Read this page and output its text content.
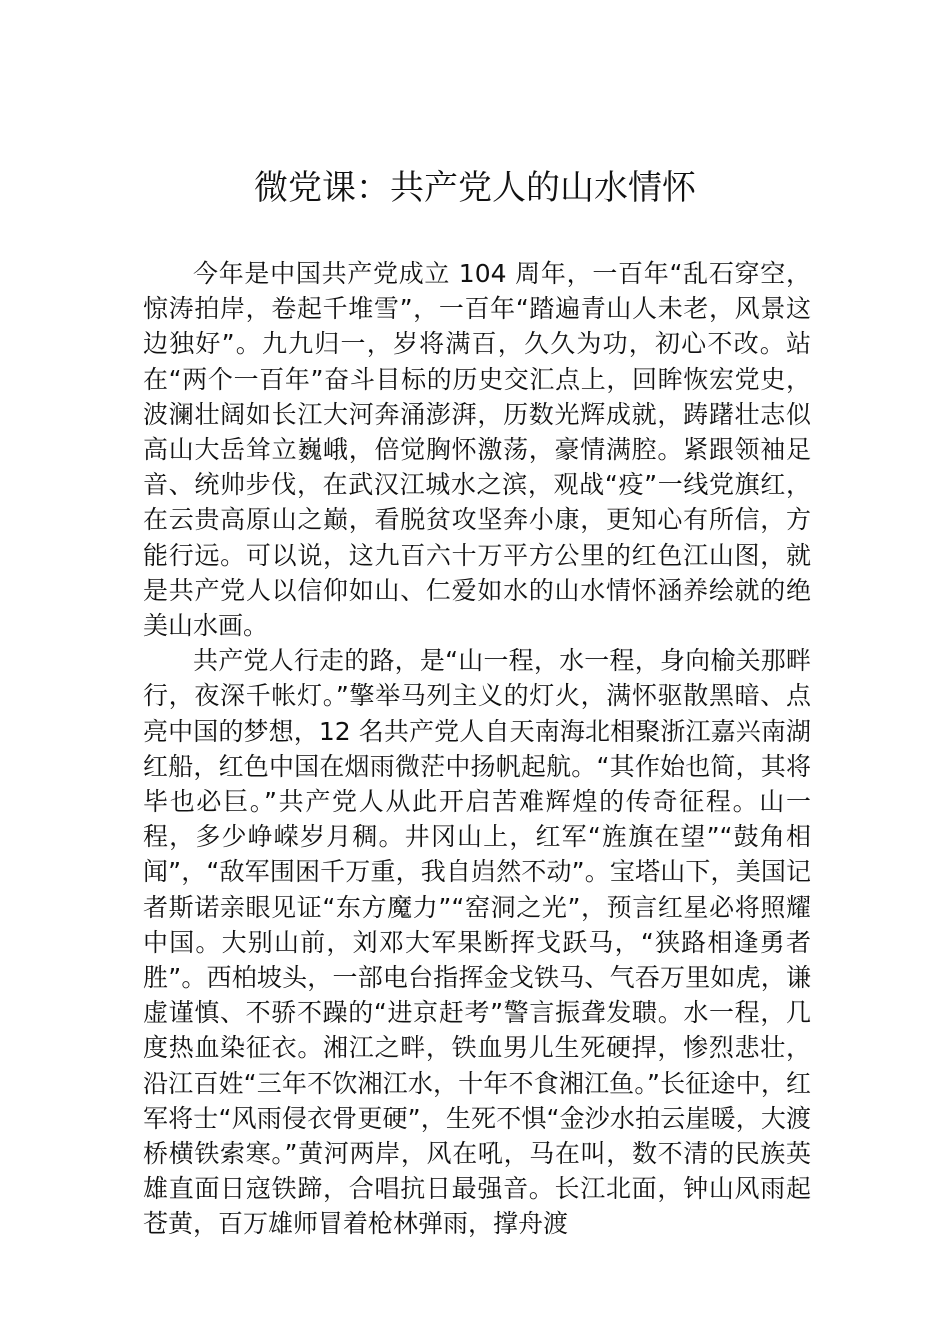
微党课：共产党人的山水情怀

今年是中国共产党成立 104 周年，一百年“乱石穿空，惊涛拍岸，卷起千堆雪”，一百年“踏遍青山人未老，风景这边独好”。九九归一，岁将满百，久久为功，初心不改。站在“两个一百年”奋斗目标的历史交汇点上，回眸恢宏党史，波澜壮阔如长江大河奔涌澎湃，历数光辉成就，踌躇壮志似高山大岳耸立巍峨，倍觉胸怀激荡，豪情满腔。紧跟领袖足音、统帅步伐，在武汉江城水之滨，观战“疫”一线党旗红，在云贵高原山之巅，看脱贫攻坚奔小康，更知心有所信，方能行远。可以说，这九百六十万平方公里的红色江山图，就是共产党人以信仰如山、仁爱如水的山水情怀涵养绘就的绝美山水画。

共产党人行走的路，是“山一程，水一程，身向榆关那畔行，夜深千帐灯。”擎举马列主义的灯火，满怀驱散黑暗、点亮中国的梦想，12 名共产党人自天南海北相聚浙江嘉兴南湖红船，红色中国在烟雨微茫中扬帆起航。“其作始也简，其将毕也必巨。”共产党人从此开启苦难辉煌的传奇征程。山一程，多少峥嵘岁月稠。井冈山上，红军“旌旗在望”“鼓角相闻”，“敌军围困千万重，我自岿然不动”。宝塔山下，美国记者斯诺亲眼见证“东方魔力”“窑洞之光”，预言红星必将照耀中国。大别山前，刘邓大军果断挥戈跃马，“狭路相逢勇者胜”。西柏坡头，一部电台指挥金戈铁马、气吞万里如虎，谦虚谨慎、不骄不躁的“进京赶考”警言振聋发聩。水一程，几度热血染征衣。湘江之畔，铁血男儿生死硬捍，惨烈悲壮，沿江百姓“三年不饮湘江水，十年不食湘江鱼。”长征途中，红军将士“风雨侵衣骨更硬”，生死不惧“金沙水拍云崖暖，大渡桥横铁索寒。”黄河两岸，风在吼，马在叫，数不清的民族英雄直面日寇铁蹄，合唱抗日最强音。长江北面，钟山风雨起苍黄，百万雄师冒着枪林弹雨，撑舟渡
